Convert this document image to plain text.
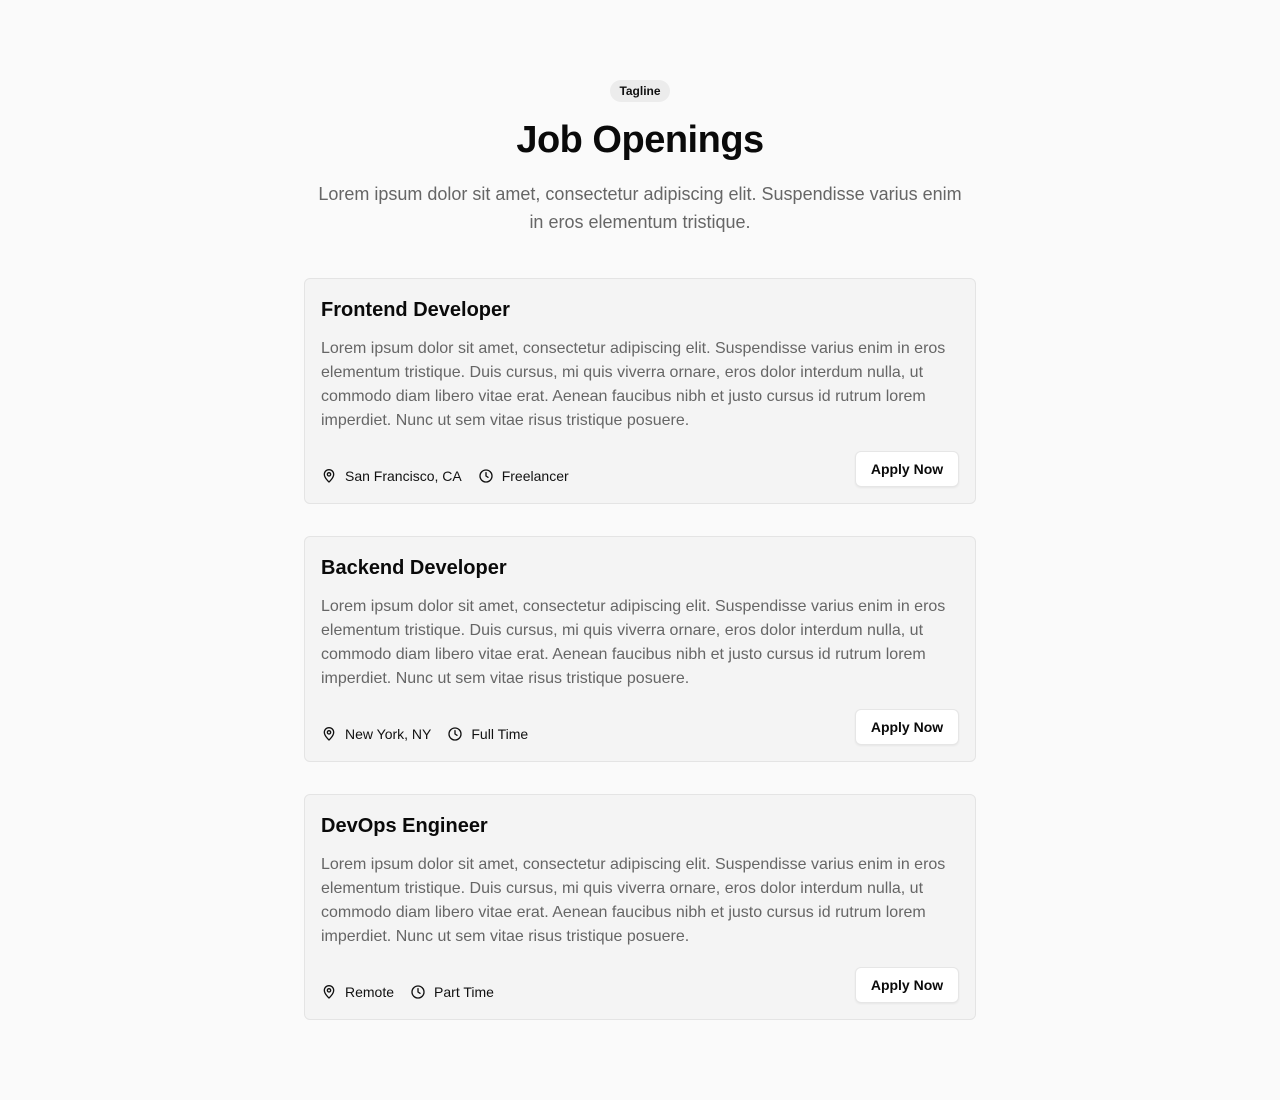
Tagline
Job Openings

Lorem ipsum dolor sit amet, consectetur adipiscing elit. Suspendisse varius enim in eros elementum tristique.

Frontend Developer

Lorem ipsum dolor sit amet, consectetur adipiscing elit. Suspendisse varius enim in eros elementum tristique. Duis cursus, mi quis viverra ornare, eros dolor interdum nulla, ut commodo diam libero vitae erat. Aenean faucibus nibh et justo cursus id rutrum lorem imperdiet. Nunc ut sem vitae risus tristique posuere.

San Francisco, CA	Freelancer	Apply Now
Backend Developer

Lorem ipsum dolor sit amet, consectetur adipiscing elit. Suspendisse varius enim in eros elementum tristique. Duis cursus, mi quis viverra ornare, eros dolor interdum nulla, ut commodo diam libero vitae erat. Aenean faucibus nibh et justo cursus id rutrum lorem imperdiet. Nunc ut sem vitae risus tristique posuere.

New York, NY	Full Time	Apply Now
DevOps Engineer

Lorem ipsum dolor sit amet, consectetur adipiscing elit. Suspendisse varius enim in eros elementum tristique. Duis cursus, mi quis viverra ornare, eros dolor interdum nulla, ut commodo diam libero vitae erat. Aenean faucibus nibh et justo cursus id rutrum lorem imperdiet. Nunc ut sem vitae risus tristique posuere.

Remote	Part Time	Apply Now
